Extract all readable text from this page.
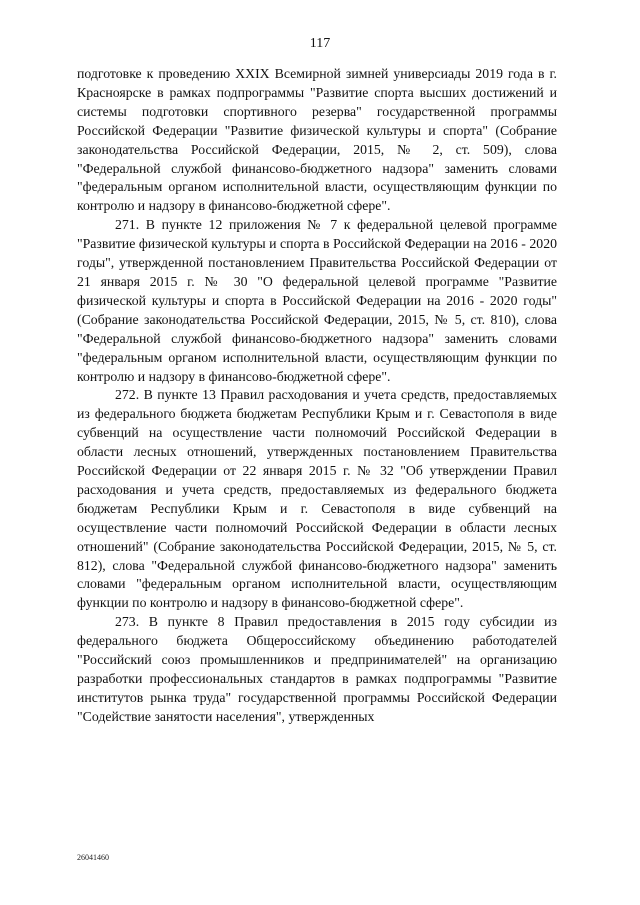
117

подготовке к проведению XXIX Всемирной зимней универсиады 2019 года в г. Красноярске в рамках подпрограммы "Развитие спорта высших достижений и системы подготовки спортивного резерва" государственной программы Российской Федерации "Развитие физической культуры и спорта" (Собрание законодательства Российской Федерации, 2015, № 2, ст. 509), слова "Федеральной службой финансово-бюджетного надзора" заменить словами "федеральным органом исполнительной власти, осуществляющим функции по контролю и надзору в финансово-бюджетной сфере".

271. В пункте 12 приложения № 7 к федеральной целевой программе "Развитие физической культуры и спорта в Российской Федерации на 2016 - 2020 годы", утвержденной постановлением Правительства Российской Федерации от 21 января 2015 г. № 30 "О федеральной целевой программе "Развитие физической культуры и спорта в Российской Федерации на 2016 - 2020 годы" (Собрание законодательства Российской Федерации, 2015, № 5, ст. 810), слова "Федеральной службой финансово-бюджетного надзора" заменить словами "федеральным органом исполнительной власти, осуществляющим функции по контролю и надзору в финансово-бюджетной сфере".

272. В пункте 13 Правил расходования и учета средств, предоставляемых из федерального бюджета бюджетам Республики Крым и г. Севастополя в виде субвенций на осуществление части полномочий Российской Федерации в области лесных отношений, утвержденных постановлением Правительства Российской Федерации от 22 января 2015 г. № 32 "Об утверждении Правил расходования и учета средств, предоставляемых из федерального бюджета бюджетам Республики Крым и г. Севастополя в виде субвенций на осуществление части полномочий Российской Федерации в области лесных отношений" (Собрание законодательства Российской Федерации, 2015, № 5, ст. 812), слова "Федеральной службой финансово-бюджетного надзора" заменить словами "федеральным органом исполнительной власти, осуществляющим функции по контролю и надзору в финансово-бюджетной сфере".

273. В пункте 8 Правил предоставления в 2015 году субсидии из федерального бюджета Общероссийскому объединению работодателей "Российский союз промышленников и предпринимателей" на организацию разработки профессиональных стандартов в рамках подпрограммы "Развитие институтов рынка труда" государственной программы Российской Федерации "Содействие занятости населения", утвержденных

26041460
